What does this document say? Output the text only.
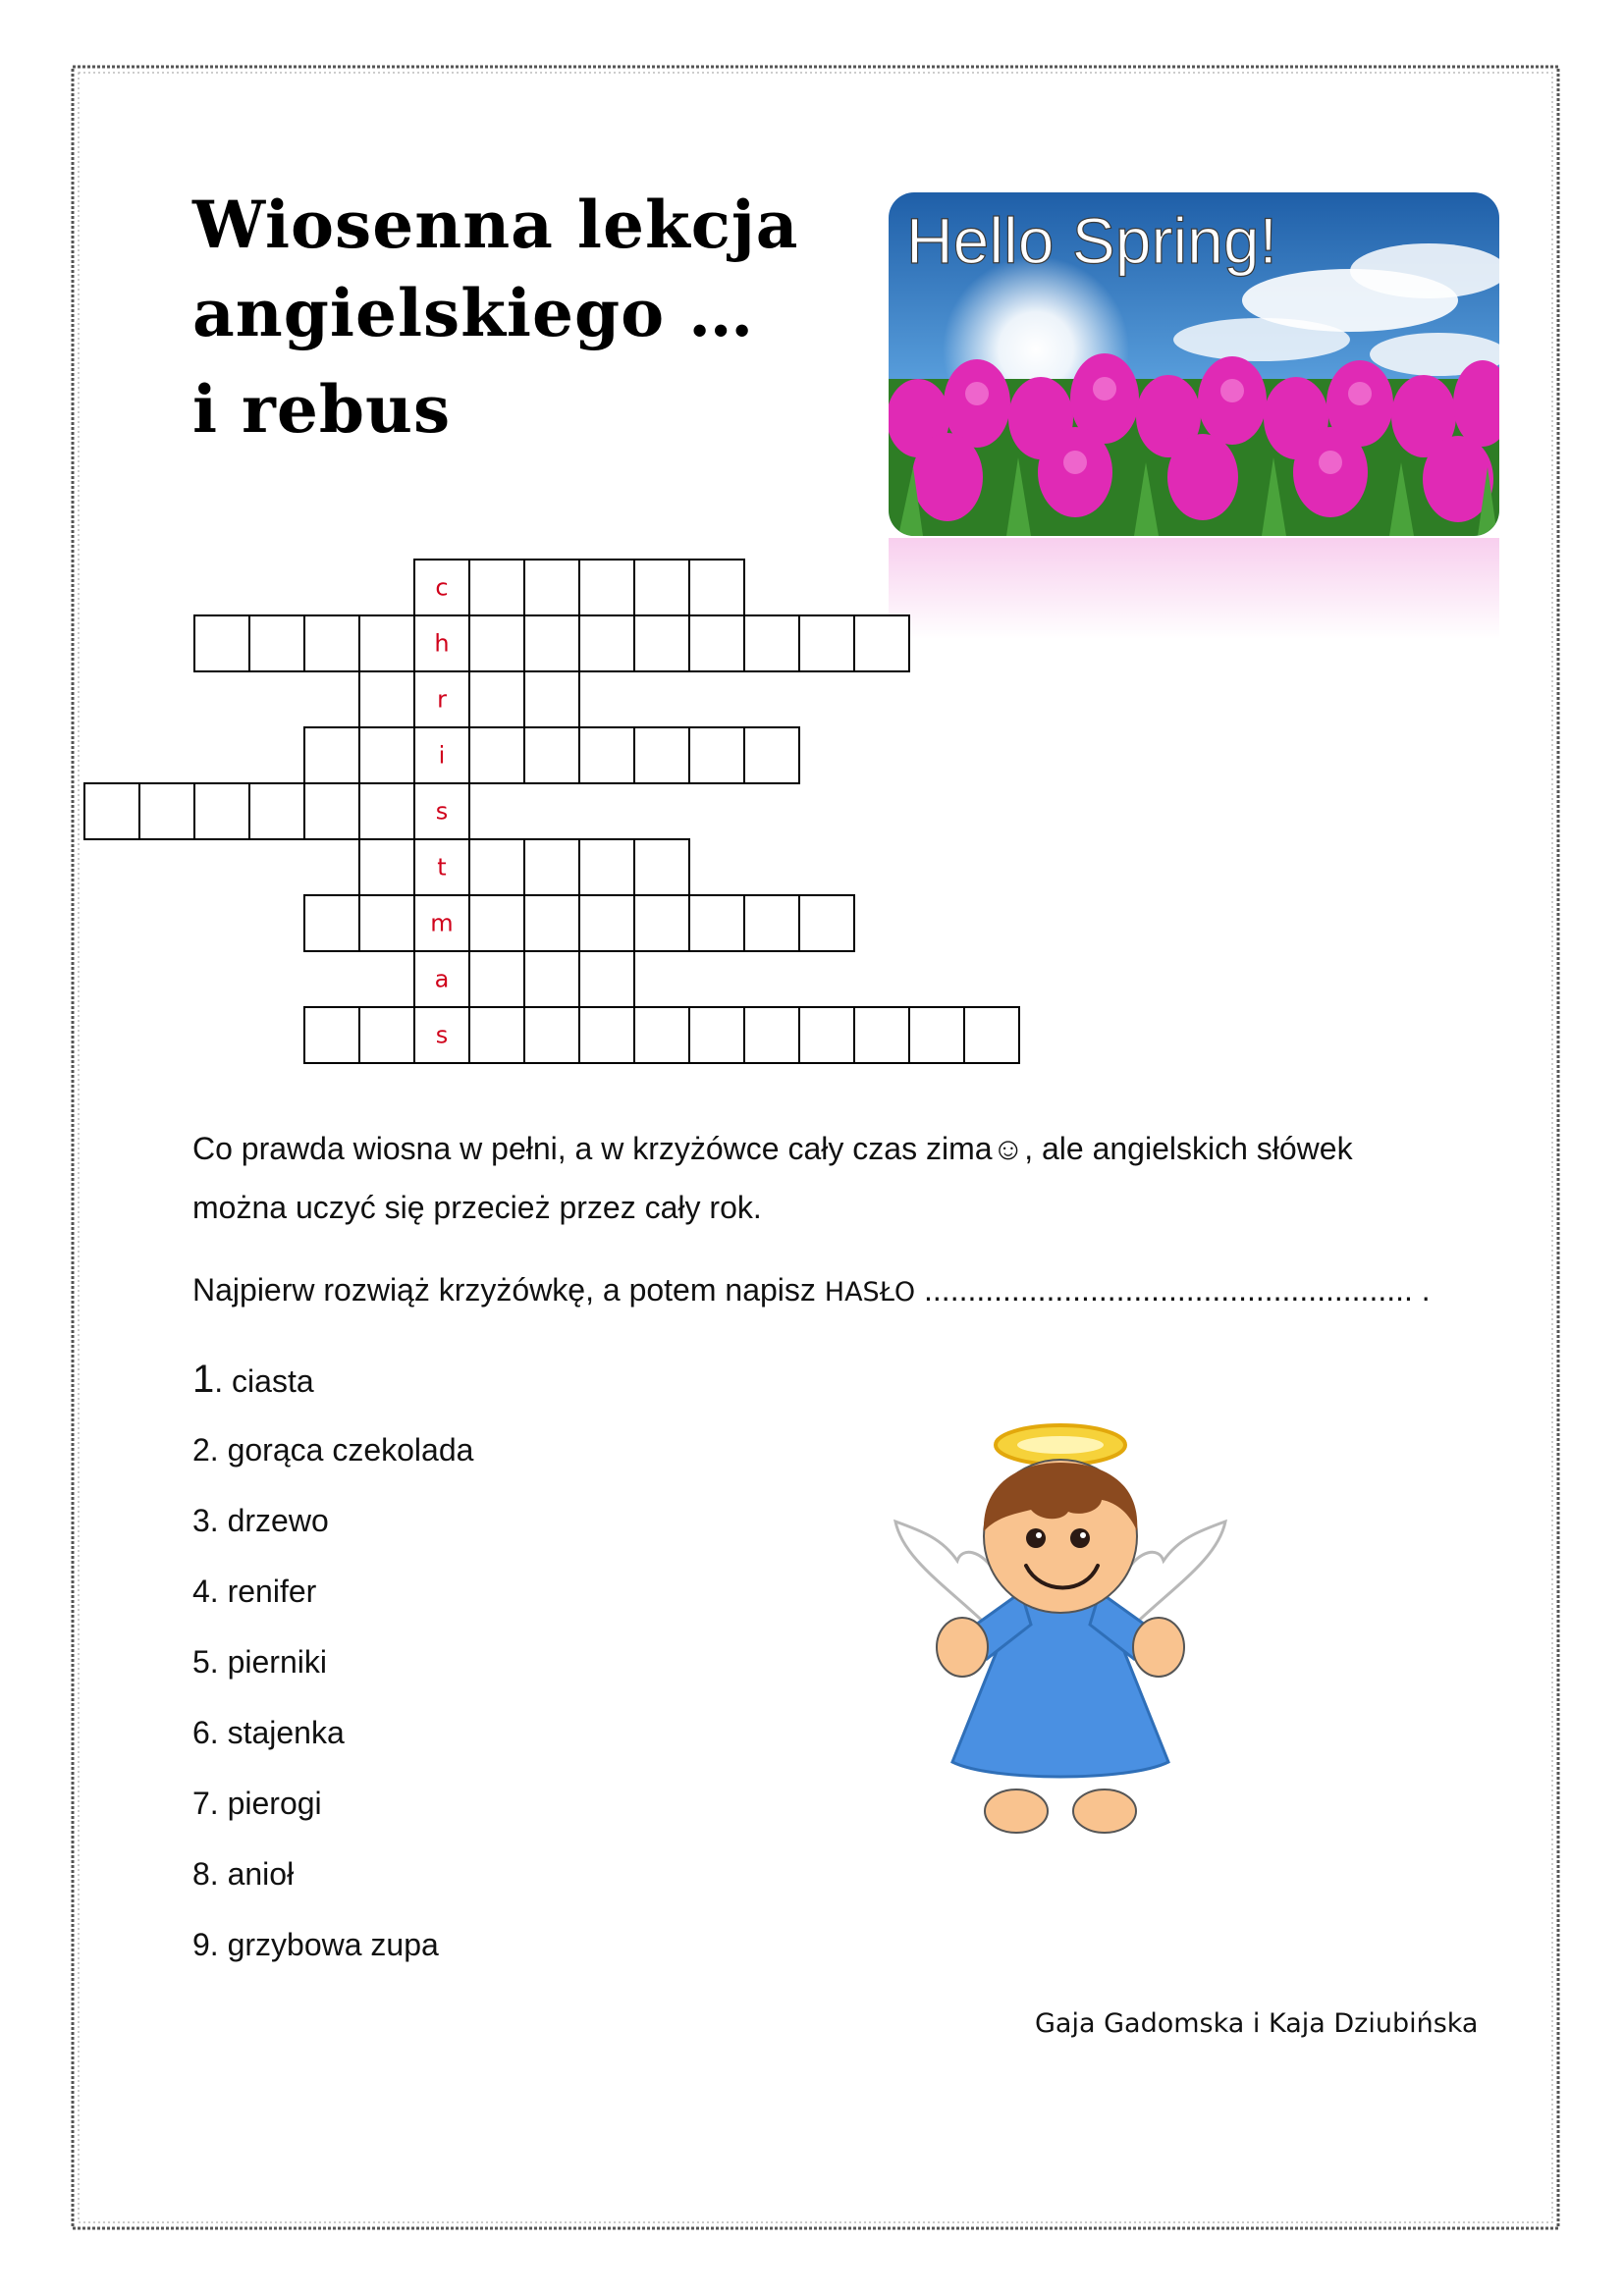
Wiosenna lekcja
angielskiego …
i rebus
Hello Spring!
c
h
r
i
s
t
m
a
s
Co prawda wiosna w pełni, a w krzyżówce cały czas zima☺, ale angielskich słówek
można uczyć się przecież przez cały rok.
Najpierw rozwiąż krzyżówkę, a potem napisz HASŁO ........................................................ .
1. ciasta
2. gorąca czekolada
3. drzewo
4. renifer
5. pierniki
6. stajenka
7. pierogi
8. anioł
9. grzybowa zupa
Gaja Gadomska i Kaja Dziubińska
